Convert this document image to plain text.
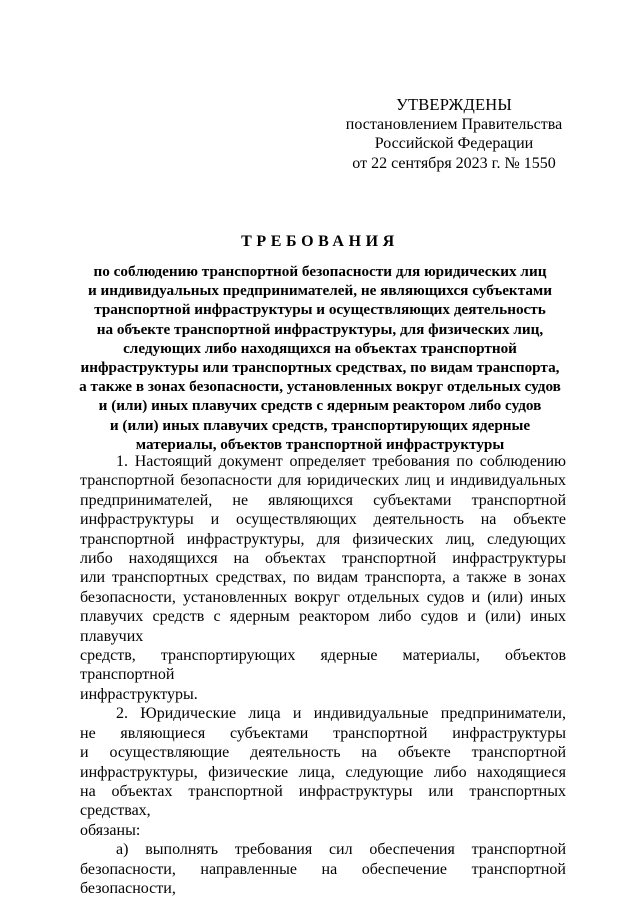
УТВЕРЖДЕНЫ
постановлением Правительства
Российской Федерации
от 22 сентября 2023 г. № 1550
ТРЕБОВАНИЯ
по соблюдению транспортной безопасности для юридических лиц
и индивидуальных предпринимателей, не являющихся субъектами
транспортной инфраструктуры и осуществляющих деятельность
на объекте транспортной инфраструктуры, для физических лиц,
следующих либо находящихся на объектах транспортной
инфраструктуры или транспортных средствах, по видам транспорта,
а также в зонах безопасности, установленных вокруг отдельных судов
и (или) иных плавучих средств с ядерным реактором либо судов
и (или) иных плавучих средств, транспортирующих ядерные
материалы, объектов транспортной инфраструктуры
1. Настоящий документ определяет требования по соблюдению
транспортной безопасности для юридических лиц и индивидуальных
предпринимателей, не являющихся субъектами транспортной
инфраструктуры и осуществляющих деятельность на объекте
транспортной инфраструктуры, для физических лиц, следующих
либо находящихся на объектах транспортной инфраструктуры
или транспортных средствах, по видам транспорта, а также в зонах
безопасности, установленных вокруг отдельных судов и (или) иных
плавучих средств с ядерным реактором либо судов и (или) иных плавучих
средств, транспортирующих ядерные материалы, объектов транспортной
инфраструктуры.
2. Юридические лица и индивидуальные предприниматели,
не являющиеся субъектами транспортной инфраструктуры
и осуществляющие деятельность на объекте транспортной
инфраструктуры, физические лица, следующие либо находящиеся
на объектах транспортной инфраструктуры или транспортных средствах,
обязаны:
а) выполнять требования сил обеспечения транспортной
безопасности, направленные на обеспечение транспортной безопасности,
